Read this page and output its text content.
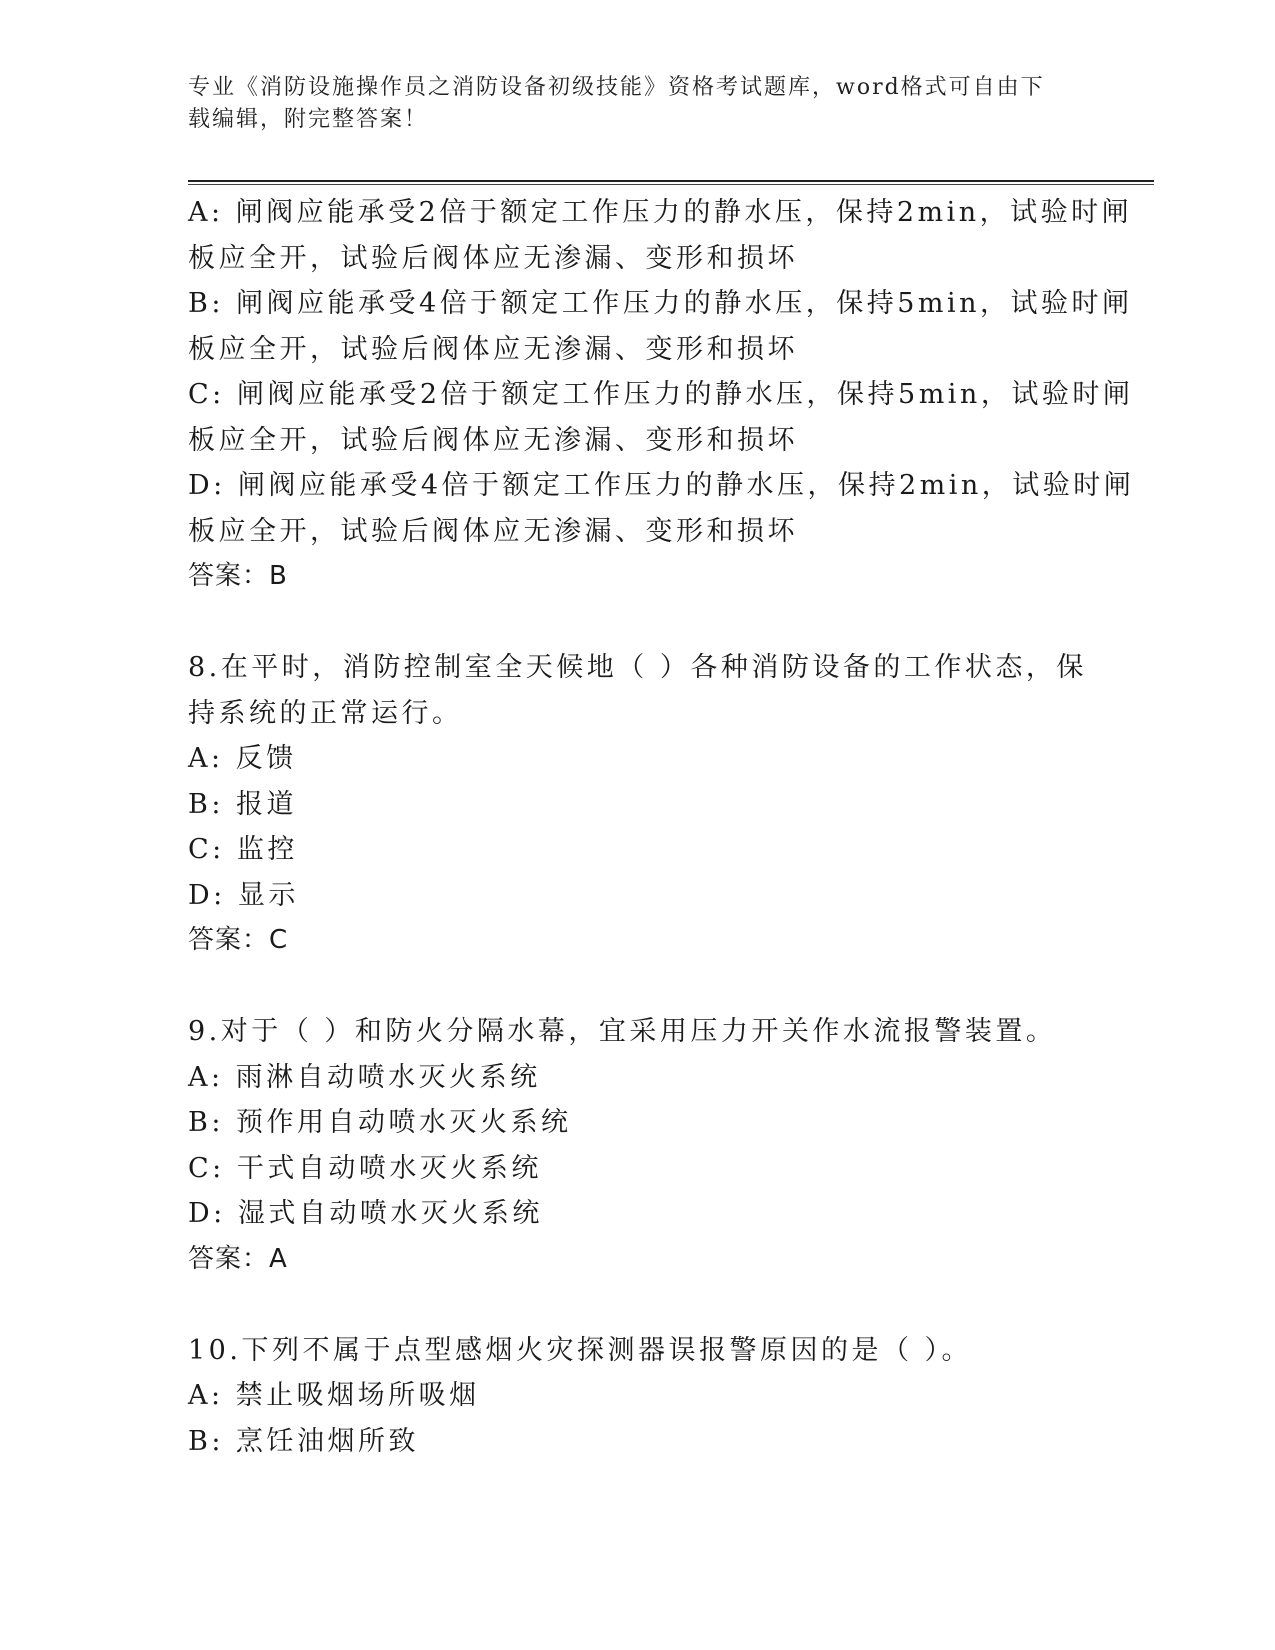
专业《消防设施操作员之消防设备初级技能》资格考试题库，word格式可自由下
载编辑，附完整答案！
A: 闸阀应能承受2倍于额定工作压力的静水压，保持2min，试验时闸
板应全开，试验后阀体应无渗漏、变形和损坏
B: 闸阀应能承受4倍于额定工作压力的静水压，保持5min，试验时闸
板应全开，试验后阀体应无渗漏、变形和损坏
C: 闸阀应能承受2倍于额定工作压力的静水压，保持5min，试验时闸
板应全开，试验后阀体应无渗漏、变形和损坏
D: 闸阀应能承受4倍于额定工作压力的静水压，保持2min，试验时闸
板应全开，试验后阀体应无渗漏、变形和损坏
答案：B
8.在平时，消防控制室全天候地（ ）各种消防设备的工作状态，保
持系统的正常运行。
A: 反馈
B: 报道
C: 监控
D: 显示
答案：C
9.对于（ ）和防火分隔水幕，宜采用压力开关作水流报警装置。
A: 雨淋自动喷水灭火系统
B: 预作用自动喷水灭火系统
C: 干式自动喷水灭火系统
D: 湿式自动喷水灭火系统
答案：A
10.下列不属于点型感烟火灾探测器误报警原因的是（ ）。
A: 禁止吸烟场所吸烟
B: 烹饪油烟所致
